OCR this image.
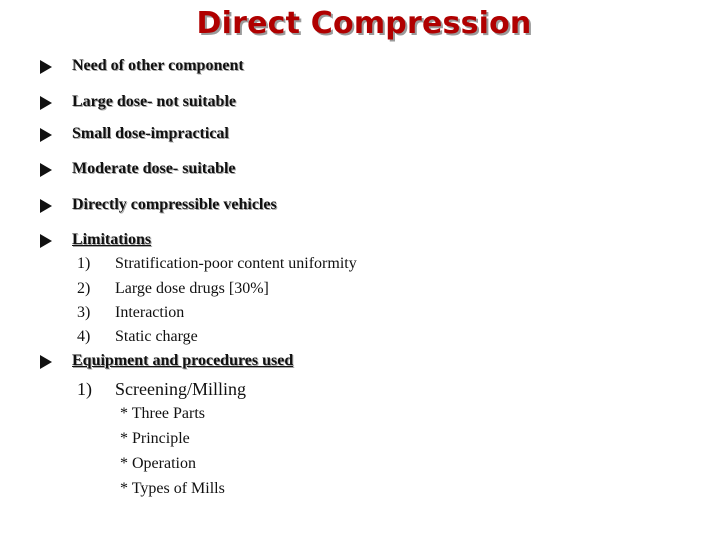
Direct Compression
Need of other component
Large dose- not suitable
Small dose-impractical
Moderate dose- suitable
Directly compressible vehicles
Limitations
1)	Stratification-poor content uniformity
2)	Large dose drugs [30%]
3)	Interaction
4)	Static charge
Equipment and procedures used
1)	Screening/Milling
* Three Parts
* Principle
* Operation
* Types of Mills
